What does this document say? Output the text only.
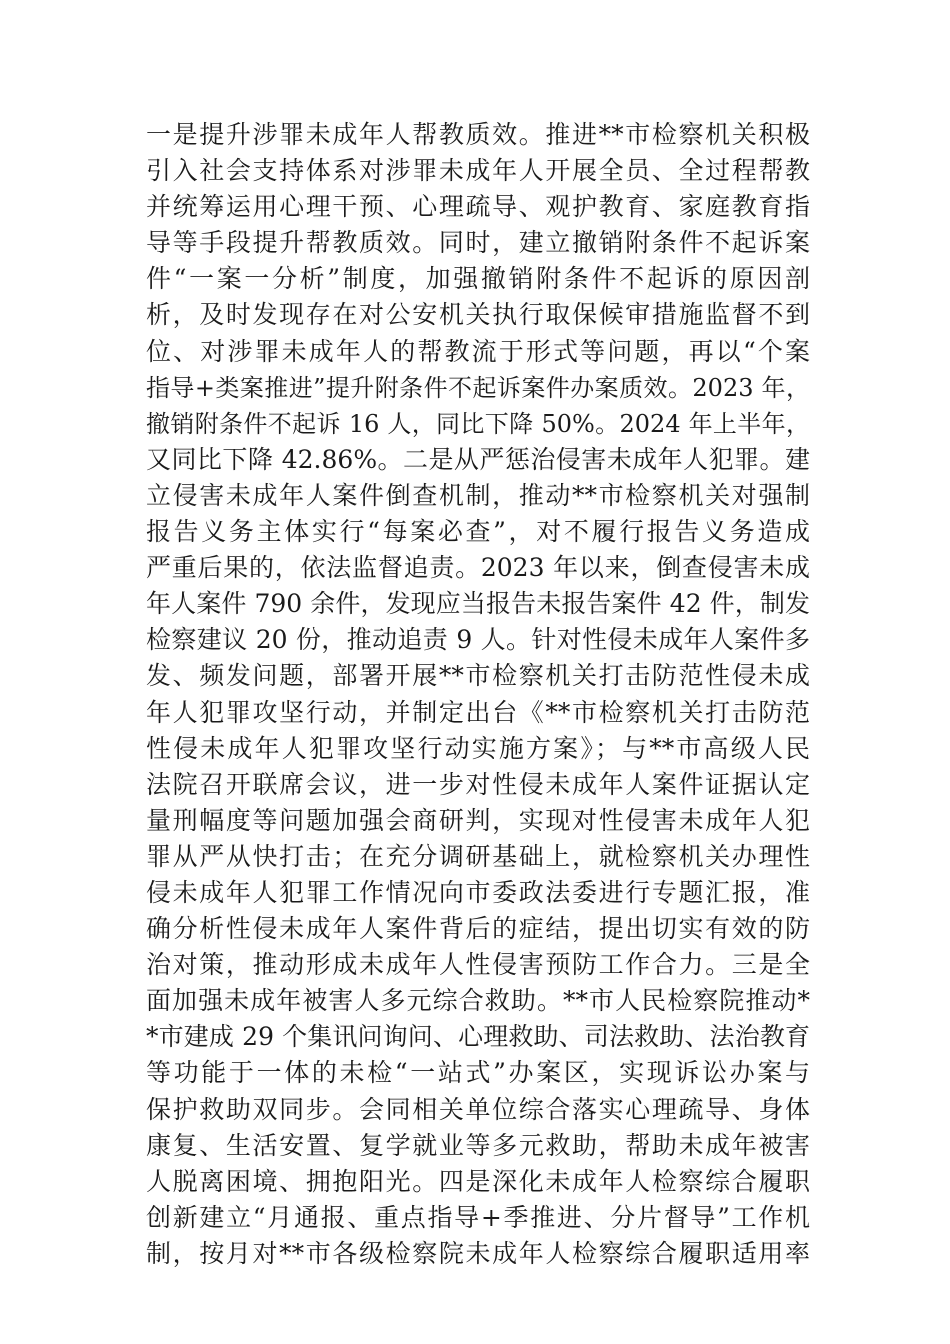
一是提升涉罪未成年人帮教质效。推进**市检察机关积极
引入社会支持体系对涉罪未成年人开展全员、全过程帮教
并统筹运用心理干预、心理疏导、观护教育、家庭教育指
导等手段提升帮教质效。同时，建立撤销附条件不起诉案
件“一案一分析”制度，加强撤销附条件不起诉的原因剖
析，及时发现存在对公安机关执行取保候审措施监督不到
位、对涉罪未成年人的帮教流于形式等问题，再以“个案
指导+类案推进”提升附条件不起诉案件办案质效。2023 年，
撤销附条件不起诉 16 人，同比下降 50%。2024 年上半年，
又同比下降 42.86%。二是从严惩治侵害未成年人犯罪。建
立侵害未成年人案件倒查机制，推动**市检察机关对强制
报告义务主体实行“每案必查”，对不履行报告义务造成
严重后果的，依法监督追责。2023 年以来，倒查侵害未成
年人案件 790 余件，发现应当报告未报告案件 42 件，制发
检察建议 20 份，推动追责 9 人。针对性侵未成年人案件多
发、频发问题，部署开展**市检察机关打击防范性侵未成
年人犯罪攻坚行动，并制定出台《**市检察机关打击防范
性侵未成年人犯罪攻坚行动实施方案》；与**市高级人民
法院召开联席会议，进一步对性侵未成年人案件证据认定
量刑幅度等问题加强会商研判，实现对性侵害未成年人犯
罪从严从快打击；在充分调研基础上，就检察机关办理性
侵未成年人犯罪工作情况向市委政法委进行专题汇报，准
确分析性侵未成年人案件背后的症结，提出切实有效的防
治对策，推动形成未成年人性侵害预防工作合力。三是全
面加强未成年被害人多元综合救助。**市人民检察院推动*
*市建成 29 个集讯问询问、心理救助、司法救助、法治教育
等功能于一体的未检“一站式”办案区，实现诉讼办案与
保护救助双同步。会同相关单位综合落实心理疏导、身体
康复、生活安置、复学就业等多元救助，帮助未成年被害
人脱离困境、拥抱阳光。四是深化未成年人检察综合履职
创新建立“月通报、重点指导+季推进、分片督导”工作机
制，按月对**市各级检察院未成年人检察综合履职适用率
